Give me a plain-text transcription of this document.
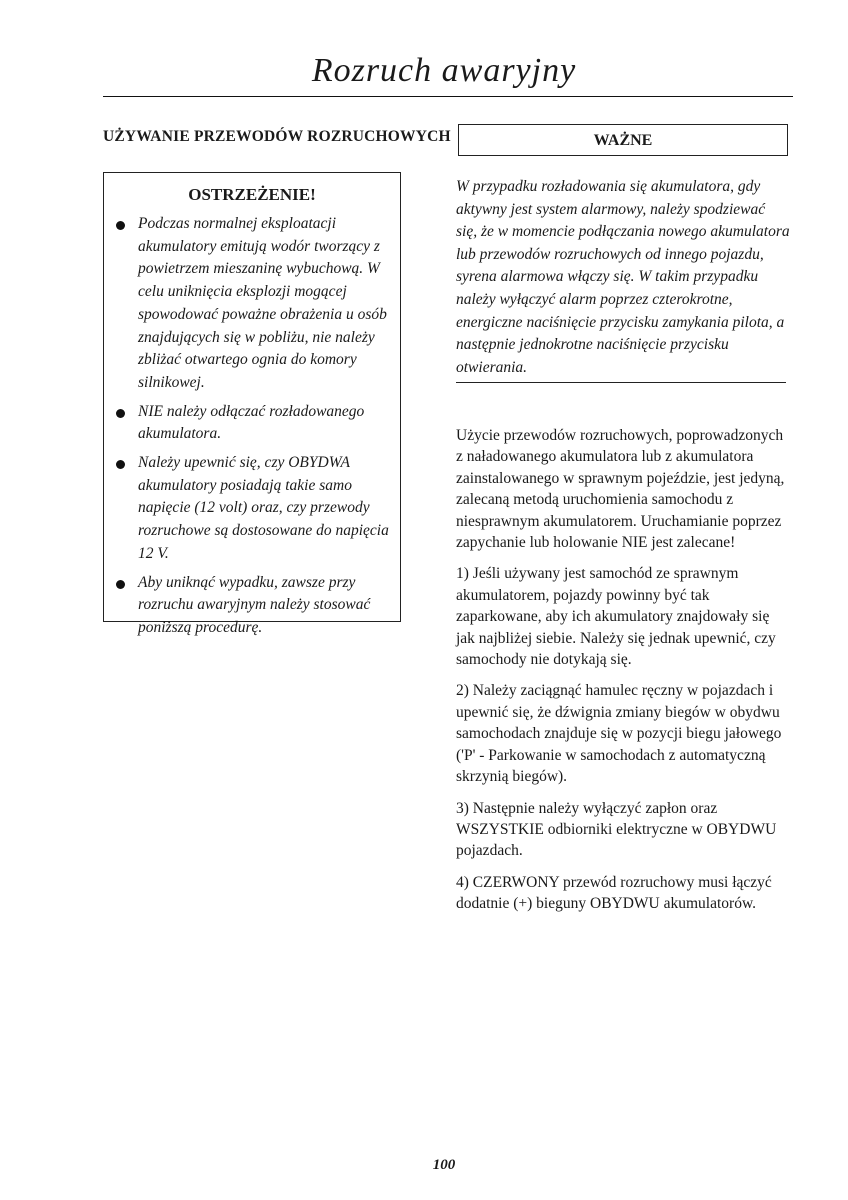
Rozruch awaryjny
UŻYWANIE PRZEWODÓW ROZRUCHOWYCH
OSTRZEŻENIE!
Podczas normalnej eksploatacji akumulatory emitują wodór tworzący z powietrzem mieszaninę wybuchową. W celu uniknięcia eksplozji mogącej spowodować poważne obrażenia u osób znajdujących się w pobliżu, nie należy zbliżać otwartego ognia do komory silnikowej.
NIE należy odłączać rozładowanego akumulatora.
Należy upewnić się, czy OBYDWA akumulatory posiadają takie samo napięcie (12 volt) oraz, czy przewody rozruchowe są dostosowane do napięcia 12 V.
Aby uniknąć wypadku, zawsze przy rozruchu awaryjnym należy stosować poniższą procedurę.
WAŻNE
W przypadku rozładowania się akumulatora, gdy aktywny jest system alarmowy, należy spodziewać się, że w momencie podłączania nowego akumulatora lub przewodów rozruchowych od innego pojazdu, syrena alarmowa włączy się. W takim przypadku należy wyłączyć alarm poprzez czterokrotne, energiczne naciśnięcie przycisku zamykania pilota, a następnie jednokrotne naciśnięcie przycisku otwierania.

Użycie przewodów rozruchowych, poprowadzonych z naładowanego akumulatora lub z akumulatora zainstalowanego w sprawnym pojeździe, jest jedyną, zalecaną metodą uruchomienia samochodu z niesprawnym akumulatorem. Uruchamianie poprzez zapychanie lub holowanie NIE jest zalecane!

1) Jeśli używany jest samochód ze sprawnym akumulatorem, pojazdy powinny być tak zaparkowane, aby ich akumulatory znajdowały się jak najbliżej siebie. Należy się jednak upewnić, czy samochody nie dotykają się.

2) Należy zaciągnąć hamulec ręczny w pojazdach i upewnić się, że dźwignia zmiany biegów w obydwu samochodach znajduje się w pozycji biegu jałowego ('P' - Parkowanie w samochodach z automatyczną skrzynią biegów).

3) Następnie należy wyłączyć zapłon oraz WSZYSTKIE odbiorniki elektryczne w OBYDWU pojazdach.

4) CZERWONY przewód rozruchowy musi łączyć dodatnie (+) bieguny OBYDWU akumulatorów.

100
